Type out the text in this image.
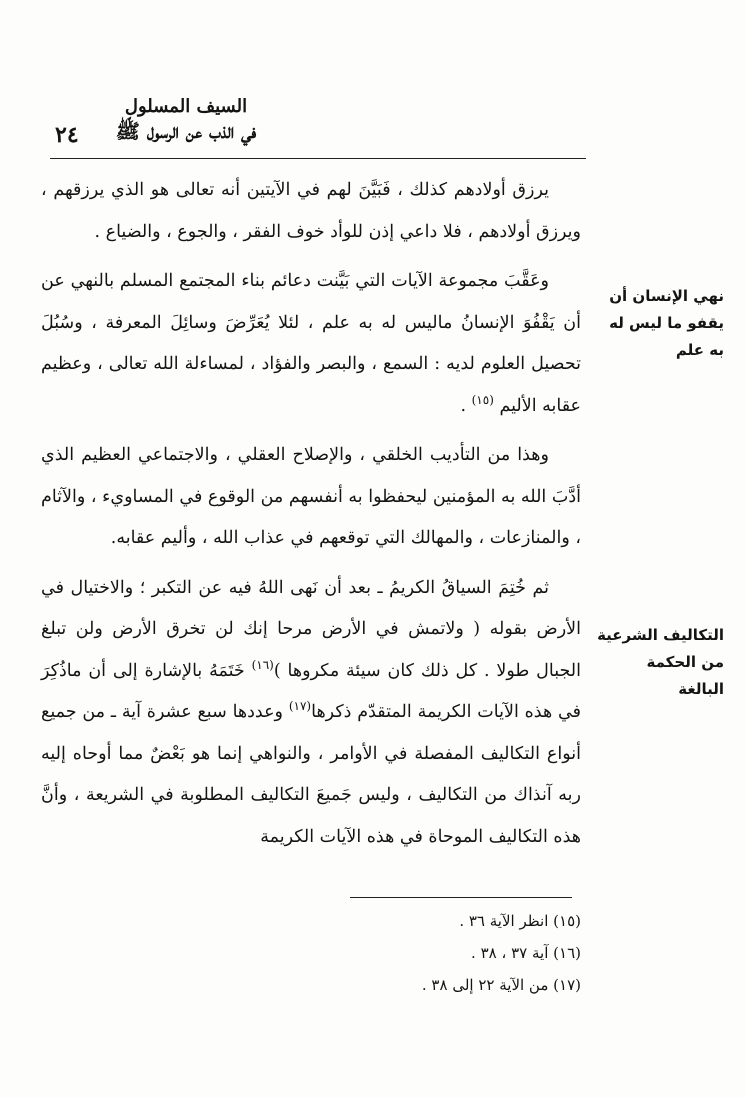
السيف المسلول
في الذب عن الرسول ﷺ
٢٤

يرزق أولادهم كذلك ، فَبَيَّنَ لهم في الآيتين أنه تعالى هو الذي يرزقهم ، ويرزق أولادهم ، فلا داعي إذن للوأد خوف الفقر ، والجوع ، والضياع .

وعَقَّبَ مجموعة الآيات التي بَيَّنت دعائم بناء المجتمع المسلم بالنهي عن أن يَقْفُوَ الإنسانُ ماليس له به علم ، لئلا يُعَرِّضَ وسائِلَ المعرفة ، وسُبُلَ تحصيل العلوم لديه : السمع ، والبصر والفؤاد ، لمساءلة الله تعالى ، وعظيم عقابه الأليم $^{(١٥)}$ .

وهذا من التأديب الخلقي ، والإصلاح العقلي ، والاجتماعي العظيم الذي أدَّبَ الله به المؤمنين ليحفظوا به أنفسهم من الوقوع في المساويء ، والآثام ، والمنازعات ، والمهالك التي توقعهم في عذاب الله ، وأليم عقابه.

ثم خُتِمَ السياقُ الكريمُ ـ بعد أن نَهى اللهُ فيه عن التكبر ؛ والاختيال في الأرض بقوله ( ولاتمش في الأرض مرحا إنك لن تخرق الأرض ولن تبلغ الجبال طولا . كل ذلك كان سيئة مكروها )$^{(١٦)}$ خَتَمَهُ بالإشارة إلى أن ماذُكِرَ في هذه الآيات الكريمة المتقدّم ذكرها$^{(١٧)}$ وعددها سبع عشرة آية ـ من جميع أنواع التكاليف المفصلة في الأوامر ، والنواهي إنما هو بَعْضٌ مما أوحاه إليه ربه آنذاك من التكاليف ، وليس جَميعَ التكاليف المطلوبة في الشريعة ، وأنَّ هذه التكاليف الموحاة في هذه الآيات الكريمة

نهي الإنسان أن يقفو ما ليس له به علم
التكاليف الشرعية من الحكمة البالغة
(١٥) انظر الآية ٣٦ .
(١٦) آية ٣٧ ، ٣٨ .
(١٧) من الآية ٢٢ إلى ٣٨ .
